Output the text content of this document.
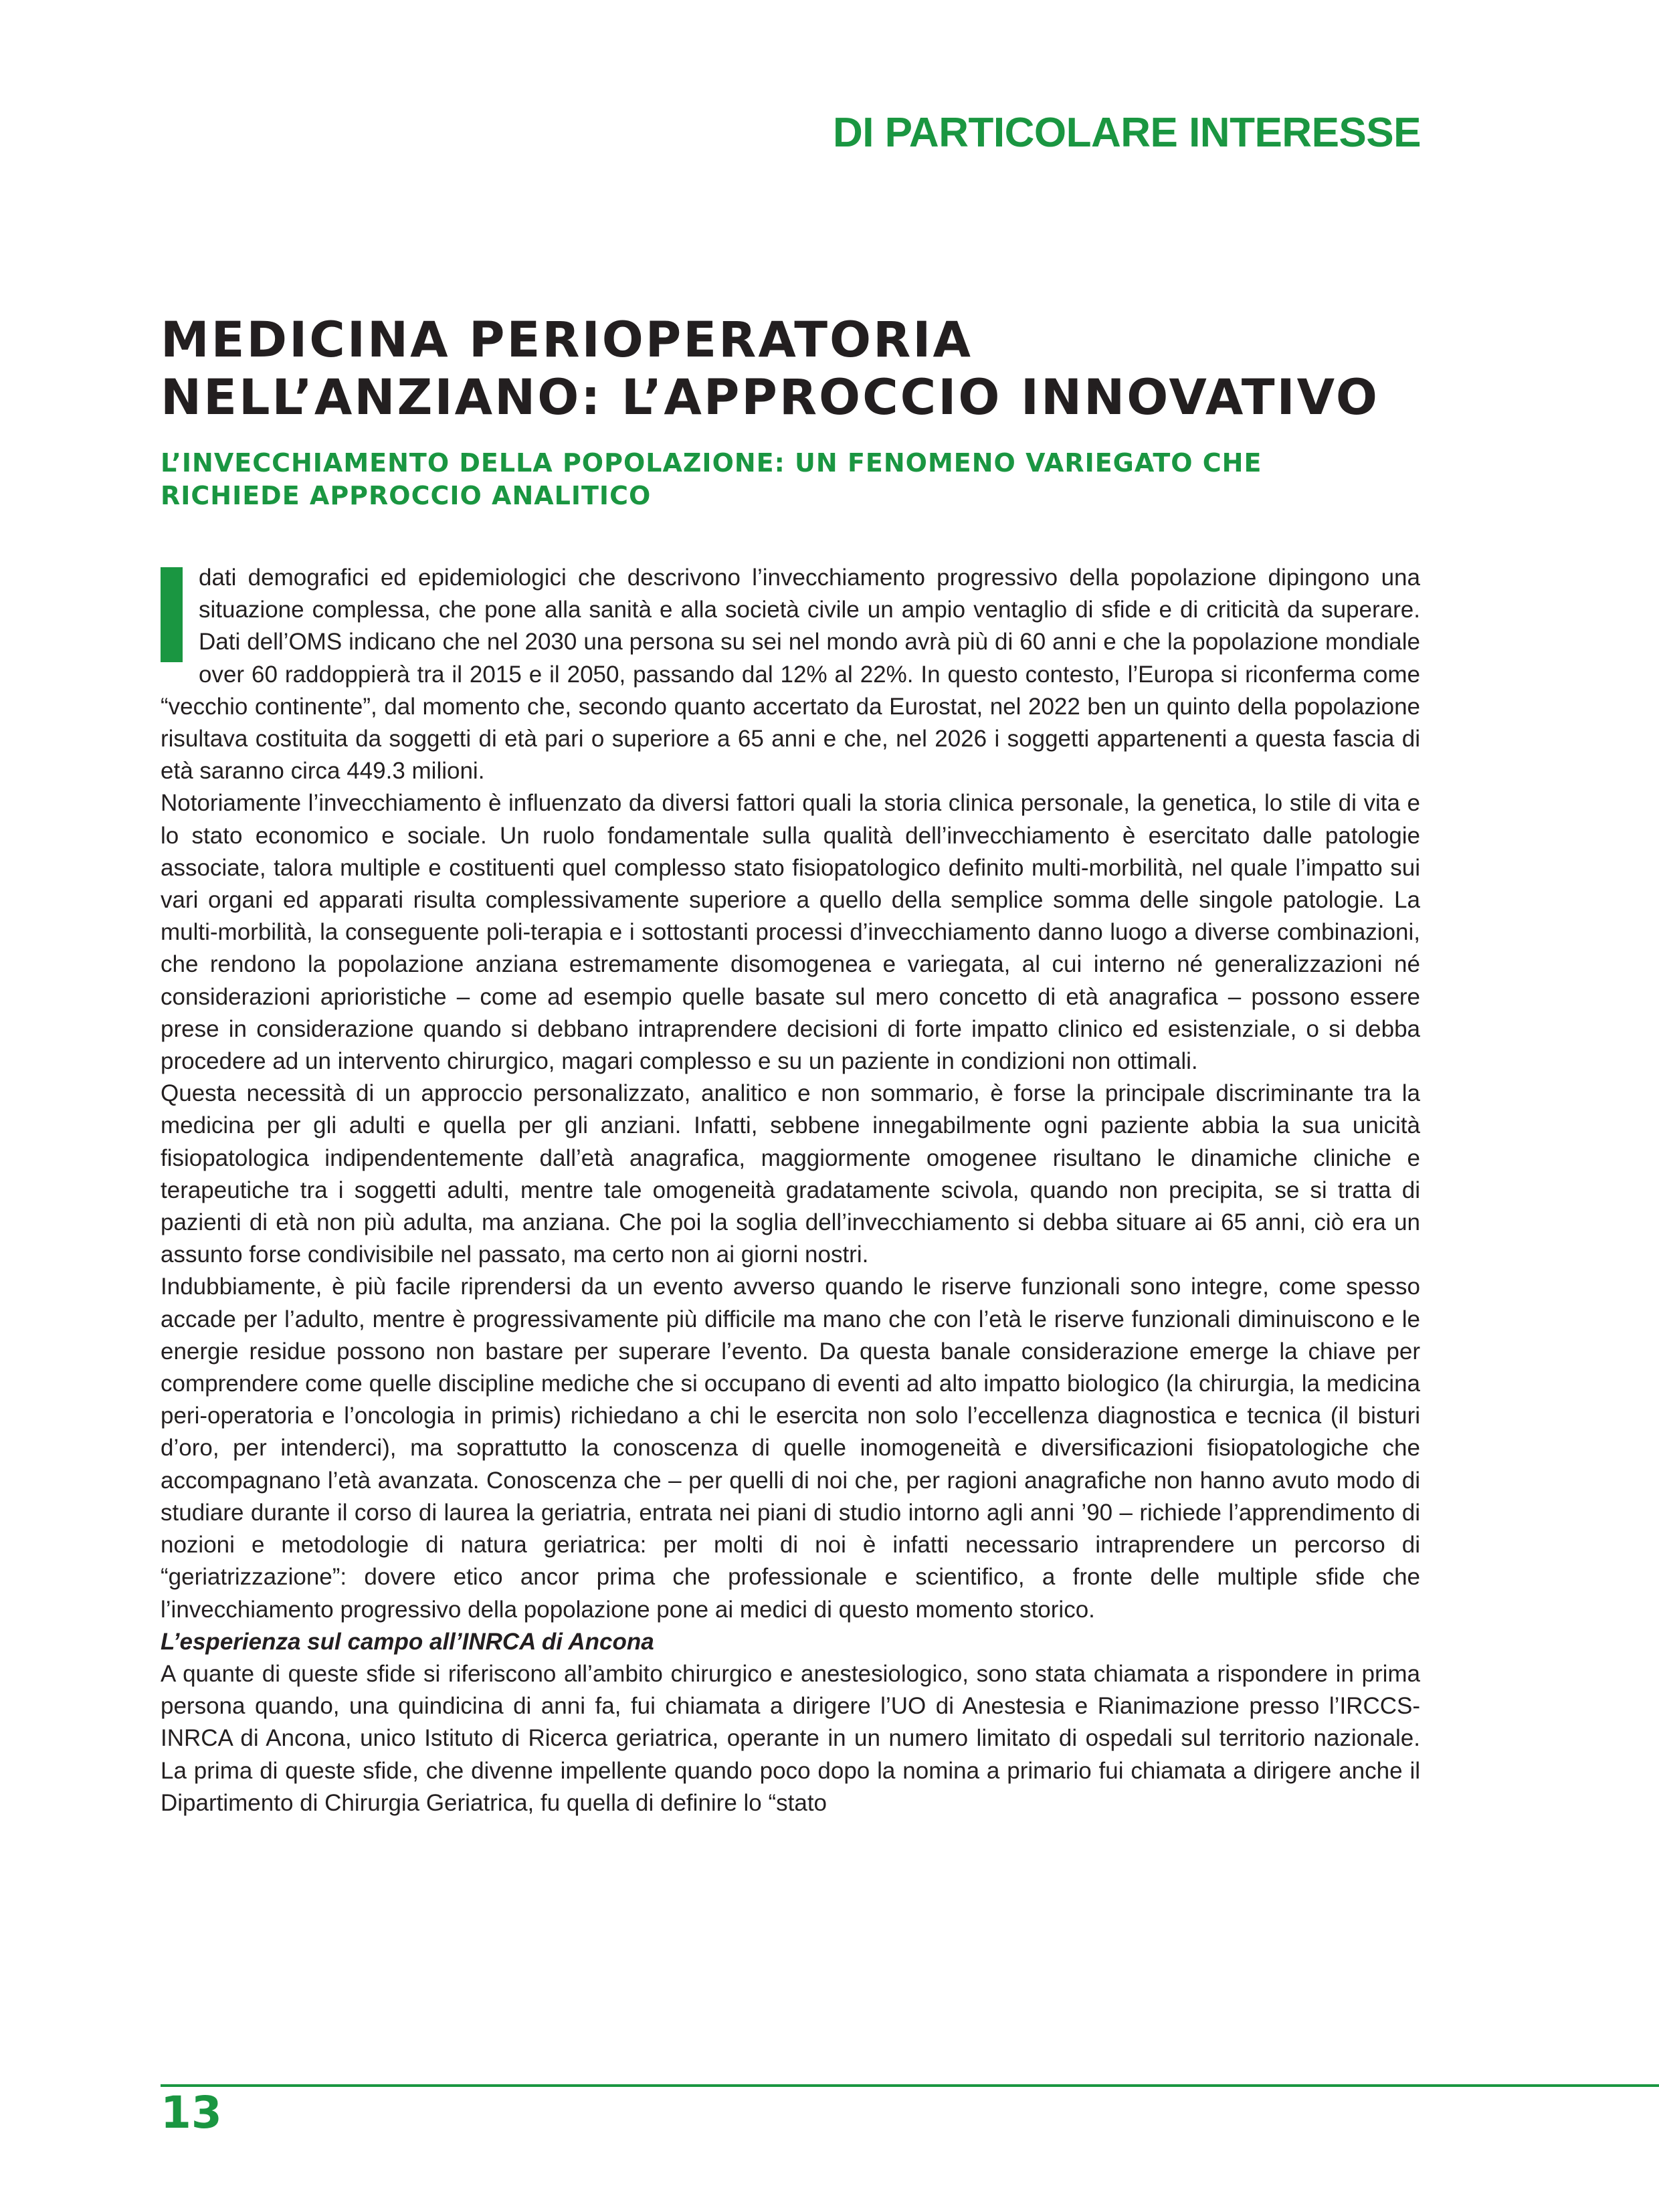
DI PARTICOLARE INTERESSE
MEDICINA PERIOPERATORIA
NELL’ANZIANO: L’APPROCCIO INNOVATIVO
L’INVECCHIAMENTO DELLA POPOLAZIONE: UN FENOMENO VARIEGATO CHE
RICHIEDE APPROCCIO ANALITICO

dati demografici ed epidemiologici che descrivono l’invecchiamento progressivo della popolazione dipingono una situazione complessa, che pone alla sanità e alla società civile un ampio ventaglio di sfide e di criticità da superare. Dati dell’OMS indicano che nel 2030 una persona su sei nel mondo avrà più di 60 anni e che la popolazione mondiale over 60 raddoppierà tra il 2015 e il 2050, passando dal 12% al 22%. In questo contesto, l’Europa si riconferma come “vecchio continente”, dal momento che, secondo quanto accertato da Eurostat, nel 2022 ben un quinto della popolazione risultava costituita da soggetti di età pari o superiore a 65 anni e che, nel 2026 i soggetti appartenenti a questa fascia di età saranno circa 449.3 milioni.

Notoriamente l’invecchiamento è influenzato da diversi fattori quali la storia clinica personale, la genetica, lo stile di vita e lo stato economico e sociale. Un ruolo fondamentale sulla qualità dell’invecchiamento è esercitato dalle patologie associate, talora multiple e costituenti quel complesso stato fisiopatologico definito multi-morbilità, nel quale l’impatto sui vari organi ed apparati risulta complessivamente superiore a quello della semplice somma delle singole patologie. La multi-morbilità, la conseguente poli-terapia e i sottostanti processi d’invecchiamento danno luogo a diverse combinazioni, che rendono la popolazione anziana estremamente disomogenea e variegata, al cui interno né generalizzazioni né considerazioni aprioristiche – come ad esempio quelle basate sul mero concetto di età anagrafica – possono essere prese in considerazione quando si debbano intraprendere decisioni di forte impatto clinico ed esistenziale, o si debba procedere ad un intervento chirurgico, magari complesso e su un paziente in condizioni non ottimali.

Questa necessità di un approccio personalizzato, analitico e non sommario, è forse la principale discriminante tra la medicina per gli adulti e quella per gli anziani. Infatti, sebbene innegabilmente ogni paziente abbia la sua unicità fisiopatologica indipendentemente dall’età anagrafica, maggiormente omogenee risultano le dinamiche cliniche e terapeutiche tra i soggetti adulti, mentre tale omogeneità gradatamente scivola, quando non precipita, se si tratta di pazienti di età non più adulta, ma anziana. Che poi la soglia dell’invecchiamento si debba situare ai 65 anni, ciò era un assunto forse condivisibile nel passato, ma certo non ai giorni nostri.

Indubbiamente, è più facile riprendersi da un evento avverso quando le riserve funzionali sono integre, come spesso accade per l’adulto, mentre è progressivamente più difficile ma mano che con l’età le riserve funzionali diminuiscono e le energie residue possono non bastare per superare l’evento. Da questa banale considerazione emerge la chiave per comprendere come quelle discipline mediche che si occupano di eventi ad alto impatto biologico (la chirurgia, la medicina peri-operatoria e l’oncologia in primis) richiedano a chi le esercita non solo l’eccellenza diagnostica e tecnica (il bisturi d’oro, per intenderci), ma soprattutto la conoscenza di quelle inomogeneità e diversificazioni fisiopatologiche che accompagnano l’età avanzata. Conoscenza che – per quelli di noi che, per ragioni anagrafiche non hanno avuto modo di studiare durante il corso di laurea la geriatria, entrata nei piani di studio intorno agli anni ’90 – richiede l’apprendimento di nozioni e metodologie di natura geriatrica: per molti di noi è infatti necessario intraprendere un percorso di “geriatrizzazione”: dovere etico ancor prima che professionale e scientifico, a fronte delle multiple sfide che l’invecchiamento progressivo della popolazione pone ai medici di questo momento storico.

L’esperienza sul campo all’INRCA di Ancona

A quante di queste sfide si riferiscono all’ambito chirurgico e anestesiologico, sono stata chiamata a rispondere in prima persona quando, una quindicina di anni fa, fui chiamata a dirigere l’UO di Anestesia e Rianimazione presso l’IRCCS-INRCA di Ancona, unico Istituto di Ricerca geriatrica, operante in un numero limitato di ospedali sul territorio nazionale. La prima di queste sfide, che divenne impellente quando poco dopo la nomina a primario fui chiamata a dirigere anche il Dipartimento di Chirurgia Geriatrica, fu quella di definire lo “stato

13
